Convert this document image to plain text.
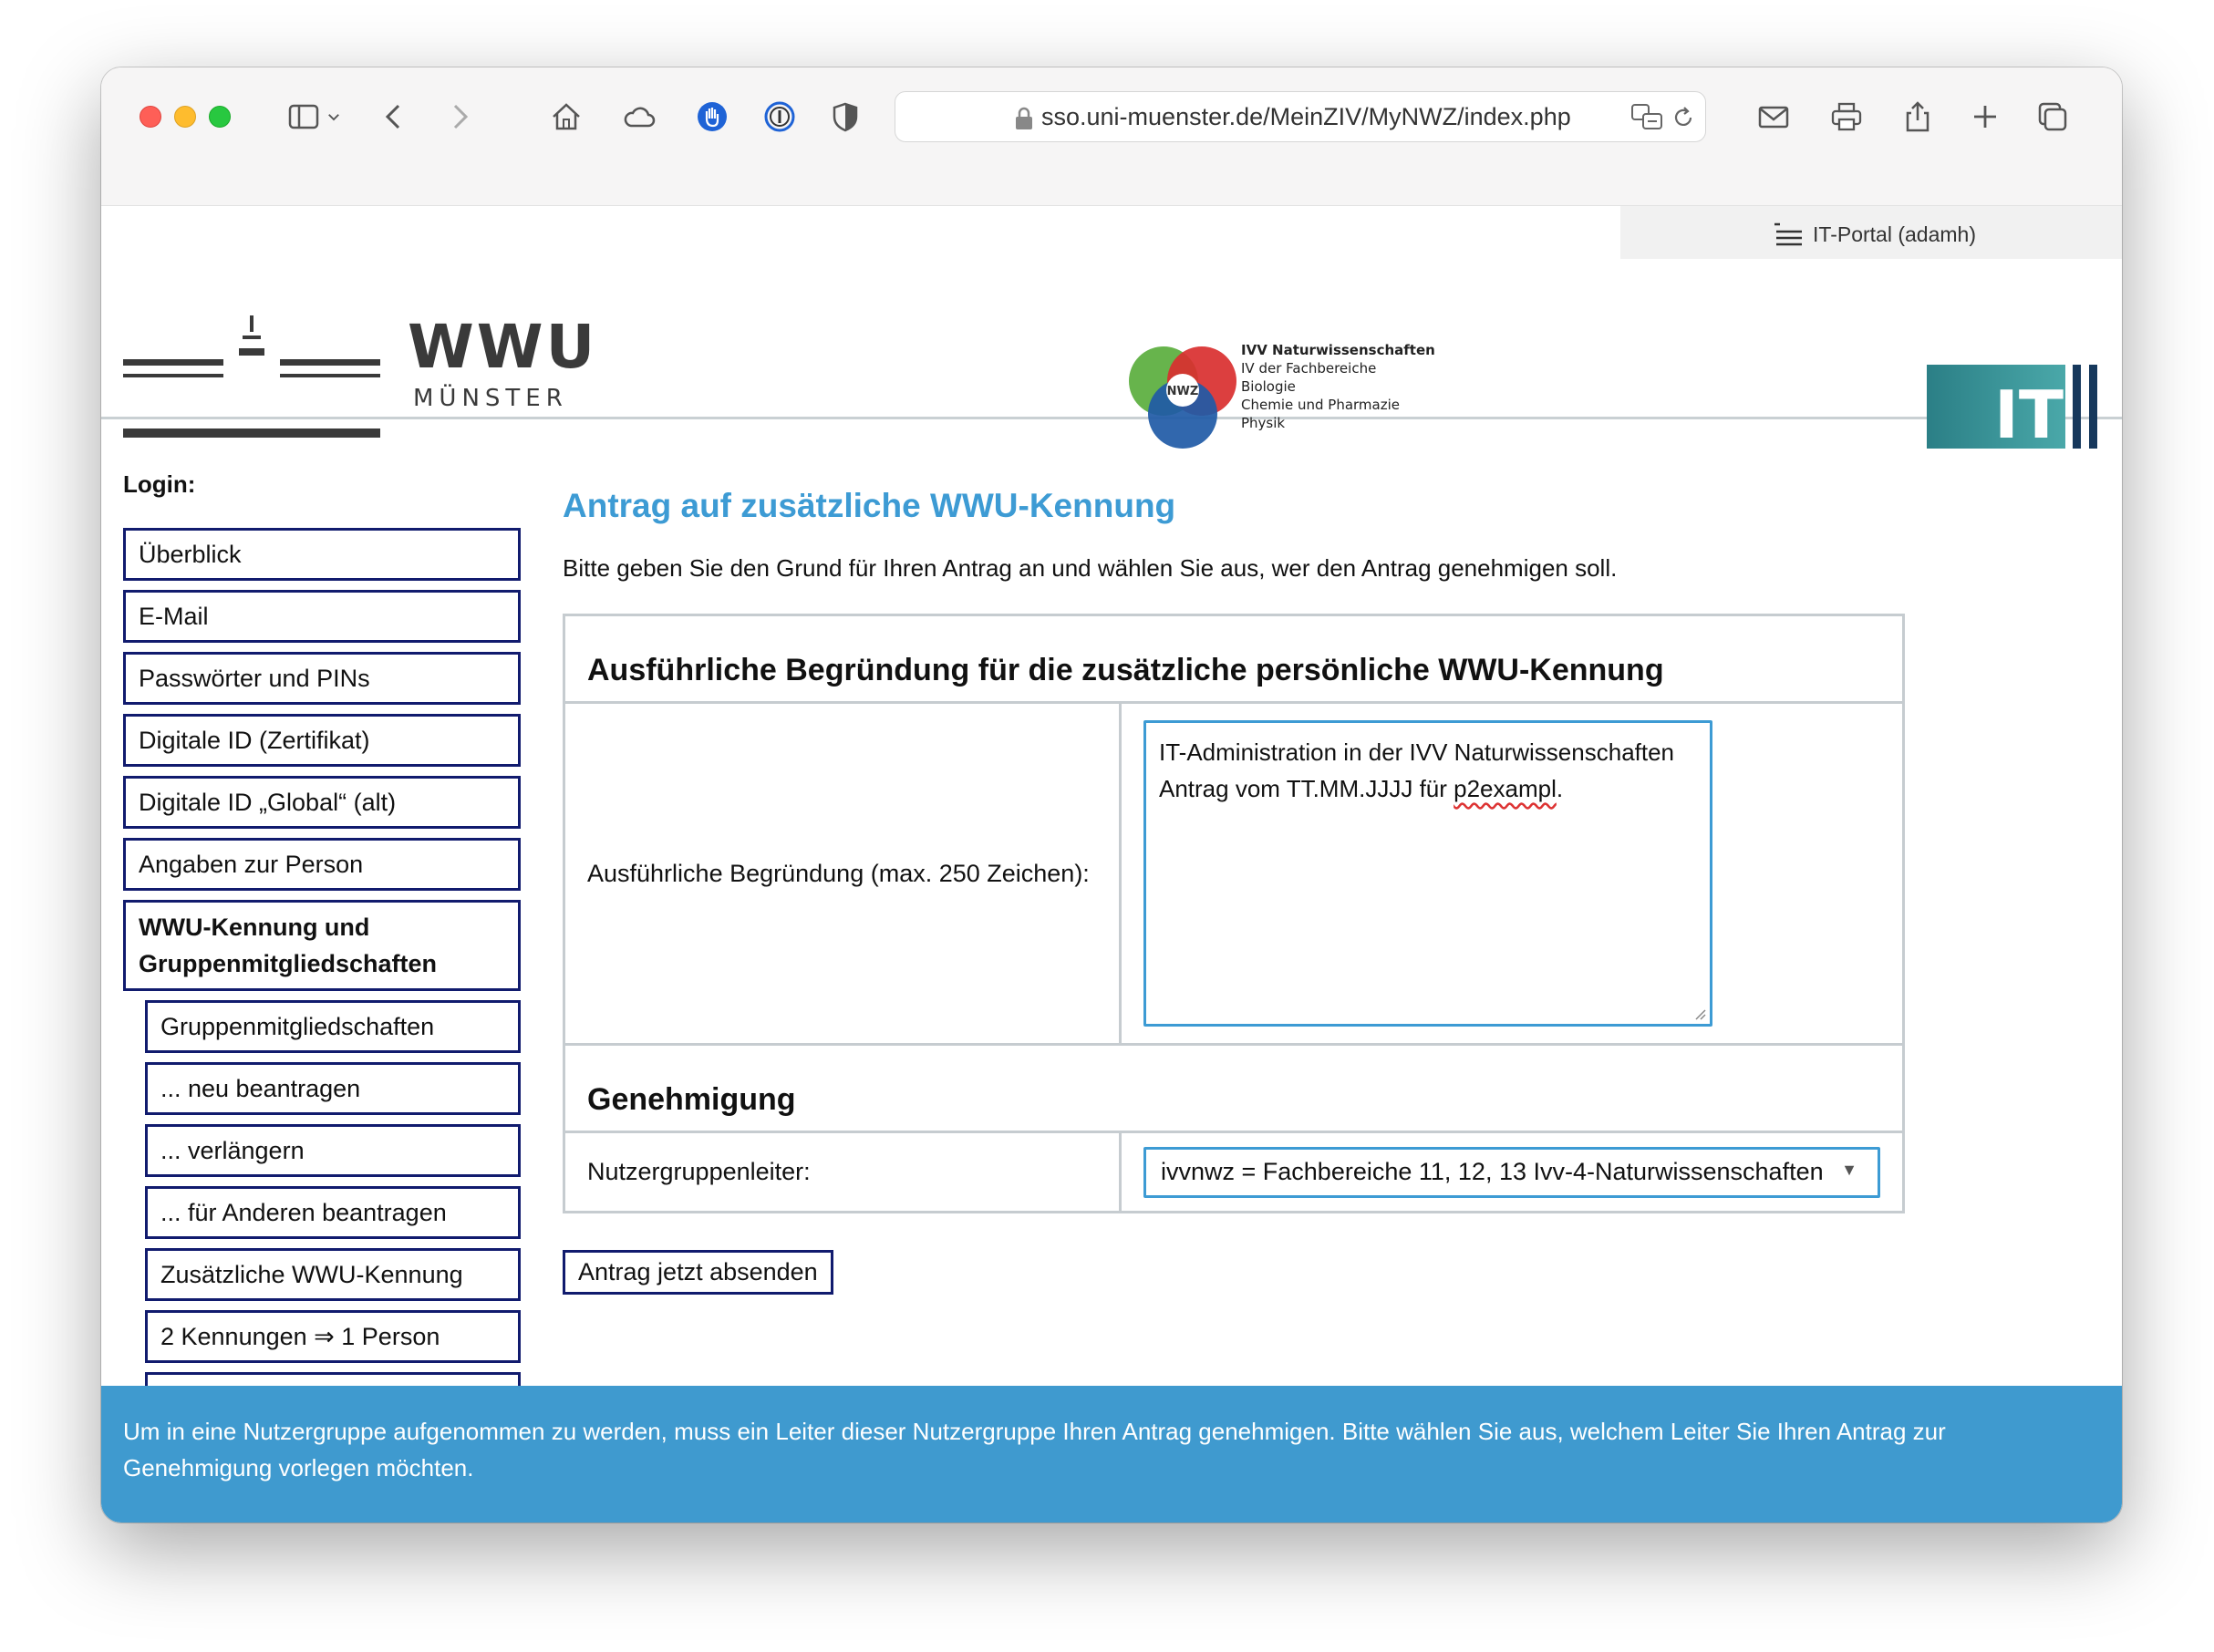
sso.uni-muenster.de/MeinZIV/MyNWZ/index.php
IT-Portal (adamh)
WWU
MÜNSTER	NWZ
IVV Naturwissenschaften
IV der Fachbereiche
Biologie
Chemie und Pharmazie
Physik	IT
Login:
Überblick
E-Mail
Passwörter und PINs
Digitale ID (Zertifikat)
Digitale ID „Global“ (alt)
Angaben zur Person
WWU-Kennung und Gruppenmitgliedschaften
Gruppenmitgliedschaften
... neu beantragen
... verlängern
... für Anderen beantragen
Zusätzliche WWU-Kennung
2 Kennungen ⇒ 1 Person
Antrag auf zusätzliche WWU-Kennung

Bitte geben Sie den Grund für Ihren Antrag an und wählen Sie aus, wer den Antrag genehmigen soll.

Ausführliche Begründung für die zusätzliche persönliche WWU-Kennung	
Ausführliche Begründung (max. 250 Zeichen):	IT-Administration in der IVV Naturwissenschaften
Antrag vom TT.MM.JJJJ für p2exampl.

Genehmigung	
Nutzergruppenleiter:	ivvnwz = Fachbereiche 11, 12, 13 Ivv-4-Naturwissenschaften ▼
Antrag jetzt absenden
Um in eine Nutzergruppe aufgenommen zu werden, muss ein Leiter dieser Nutzergruppe Ihren Antrag genehmigen. Bitte wählen Sie aus, welchem Leiter Sie Ihren Antrag zur Genehmigung vorlegen möchten.
